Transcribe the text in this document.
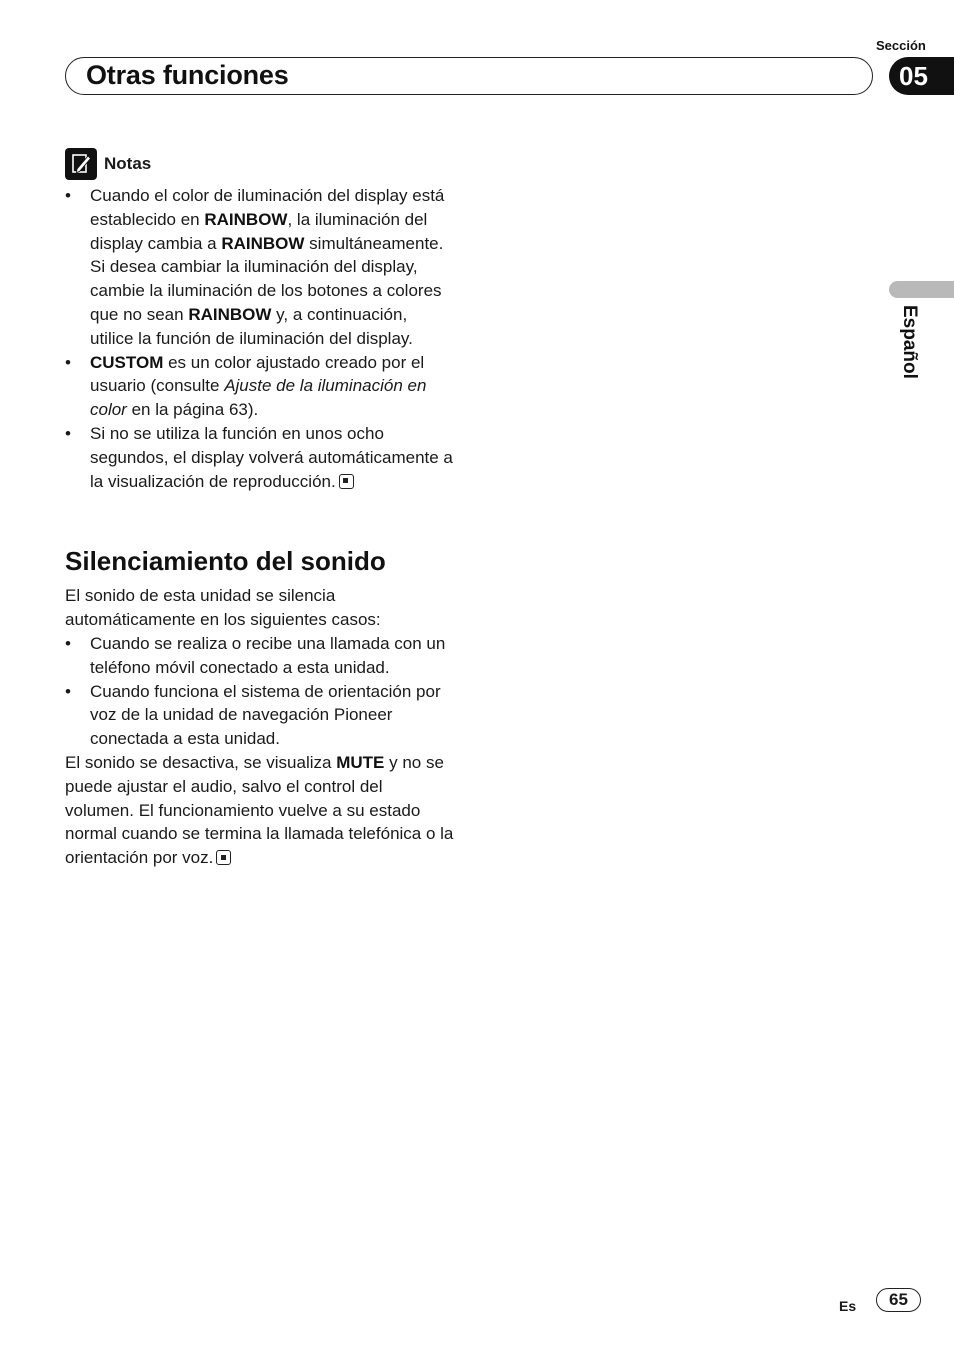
Sección
Otras funciones	05
Español
Notas
• Cuando el color de iluminación del display está establecido en RAINBOW, la iluminación del display cambia a RAINBOW simultáneamente. Si desea cambiar la iluminación del display, cambie la iluminación de los botones a colores que no sean RAINBOW y, a continuación, utilice la función de iluminación del display.
• CUSTOM es un color ajustado creado por el usuario (consulte Ajuste de la iluminación en color en la página 63).
• Si no se utiliza la función en unos ocho segundos, el display volverá automáticamente a la visualización de reproducción.
Silenciamiento del sonido

El sonido de esta unidad se silencia automáticamente en los siguientes casos:

• Cuando se realiza o recibe una llamada con un teléfono móvil conectado a esta unidad.
• Cuando funciona el sistema de orientación por voz de la unidad de navegación Pioneer conectada a esta unidad.

El sonido se desactiva, se visualiza MUTE y no se puede ajustar el audio, salvo el control del volumen. El funcionamiento vuelve a su estado normal cuando se termina la llamada telefónica o la orientación por voz.

Es	65
